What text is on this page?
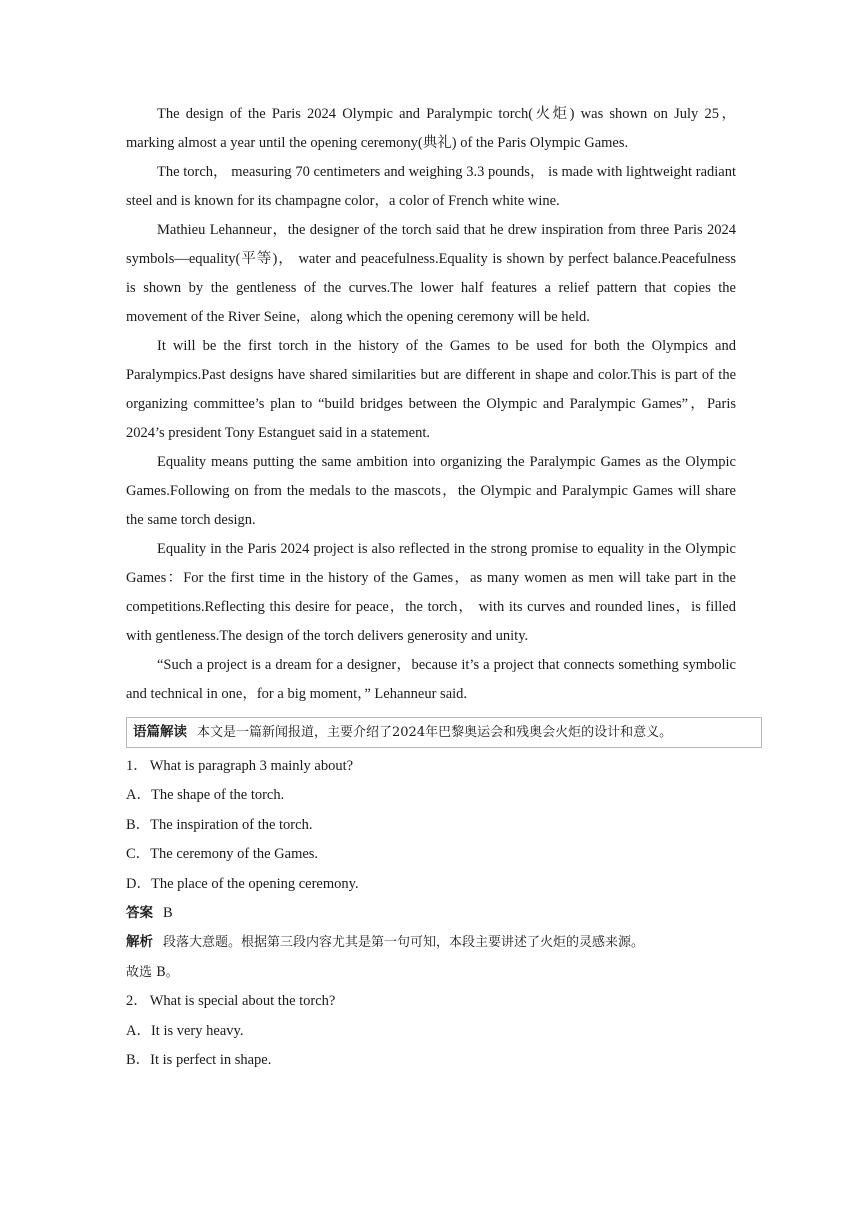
The design of the Paris 2024 Olympic and Paralympic torch(火炬) was shown on July 25，marking almost a year until the opening ceremony(典礼) of the Paris Olympic Games.

The torch， measuring 70 centimeters and weighing 3.3 pounds， is made with lightweight radiant steel and is known for its champagne color，a color of French white wine.

Mathieu Lehanneur，the designer of the torch said that he drew inspiration from three Paris 2024 symbols—equality(平等)， water and peacefulness.Equality is shown by perfect balance.Peacefulness is shown by the gentleness of the curves.The lower half features a relief pattern that copies the movement of the River Seine，along which the opening ceremony will be held.

It will be the first torch in the history of the Games to be used for both the Olympics and Paralympics.Past designs have shared similarities but are different in shape and color.This is part of the organizing committee’s plan to “build bridges between the Olympic and Paralympic Games”，Paris 2024’s president Tony Estanguet said in a statement.

Equality means putting the same ambition into organizing the Paralympic Games as the Olympic Games.Following on from the medals to the mascots，the Olympic and Paralympic Games will share the same torch design.

Equality in the Paris 2024 project is also reflected in the strong promise to equality in the Olympic Games：For the first time in the history of the Games，as many women as men will take part in the competitions.Reflecting this desire for peace，the torch， with its curves and rounded lines，is filled with gentleness.The design of the torch delivers generosity and unity.

“Such a project is a dream for a designer，because it’s a project that connects something symbolic and technical in one，for a big moment，” Lehanneur said.

语篇解读 本文是一篇新闻报道，主要介绍了2024年巴黎奥运会和残奥会火炬的设计和意义。

1． What is paragraph 3 mainly about?

A．The shape of the torch.

B．The inspiration of the torch.

C．The ceremony of the Games.

D．The place of the opening ceremony.

答案 B

解析 段落大意题。根据第三段内容尤其是第一句可知，本段主要讲述了火炬的灵感来源。

故选 B。

2． What is special about the torch?

A．It is very heavy.

B．It is perfect in shape.
